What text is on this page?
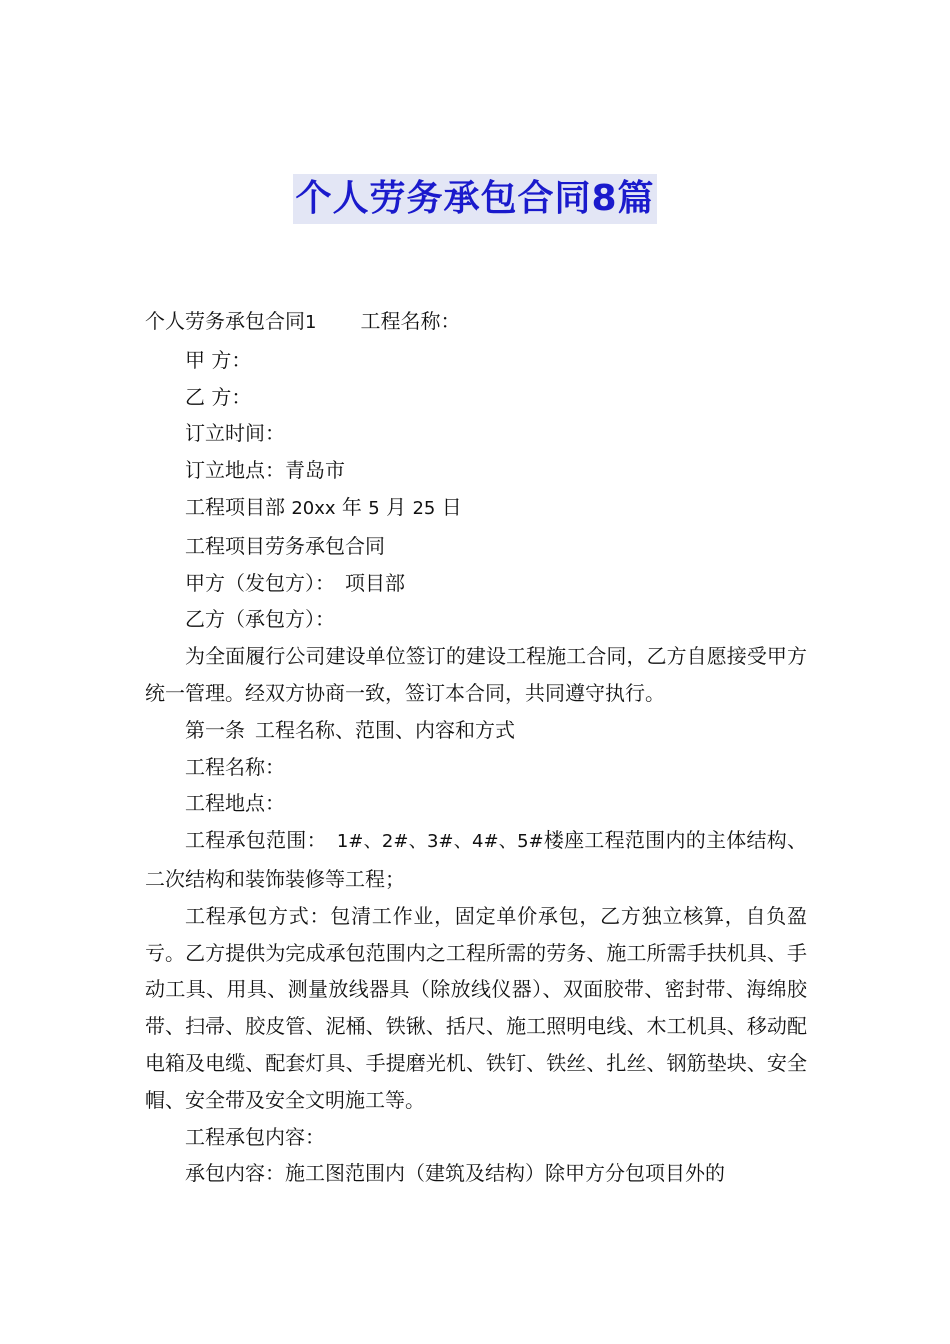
个人劳务承包合同8篇

个人劳务承包合同1 工程名称：

甲 方：

乙 方：

订立时间：

订立地点：青岛市

工程项目部 20xx 年 5 月 25 日

工程项目劳务承包合同

甲方（发包方）： 项目部

乙方（承包方）：

为全面履行公司建设单位签订的建设工程施工合同，乙方自愿接受甲方统一管理。经双方协商一致，签订本合同，共同遵守执行。

第一条 工程名称、范围、内容和方式

工程名称：

工程地点：

工程承包范围： 1#、2#、3#、4#、5#楼座工程范围内的主体结构、二次结构和装饰装修等工程；

工程承包方式：包清工作业，固定单价承包，乙方独立核算，自负盈亏。乙方提供为完成承包范围内之工程所需的劳务、施工所需手扶机具、手动工具、用具、测量放线器具（除放线仪器）、双面胶带、密封带、海绵胶带、扫帚、胶皮管、泥桶、铁锹、括尺、施工照明电线、木工机具、移动配电箱及电缆、配套灯具、手提磨光机、铁钉、铁丝、扎丝、钢筋垫块、安全帽、安全带及安全文明施工等。

工程承包内容：

承包内容：施工图范围内（建筑及结构）除甲方分包项目外的
